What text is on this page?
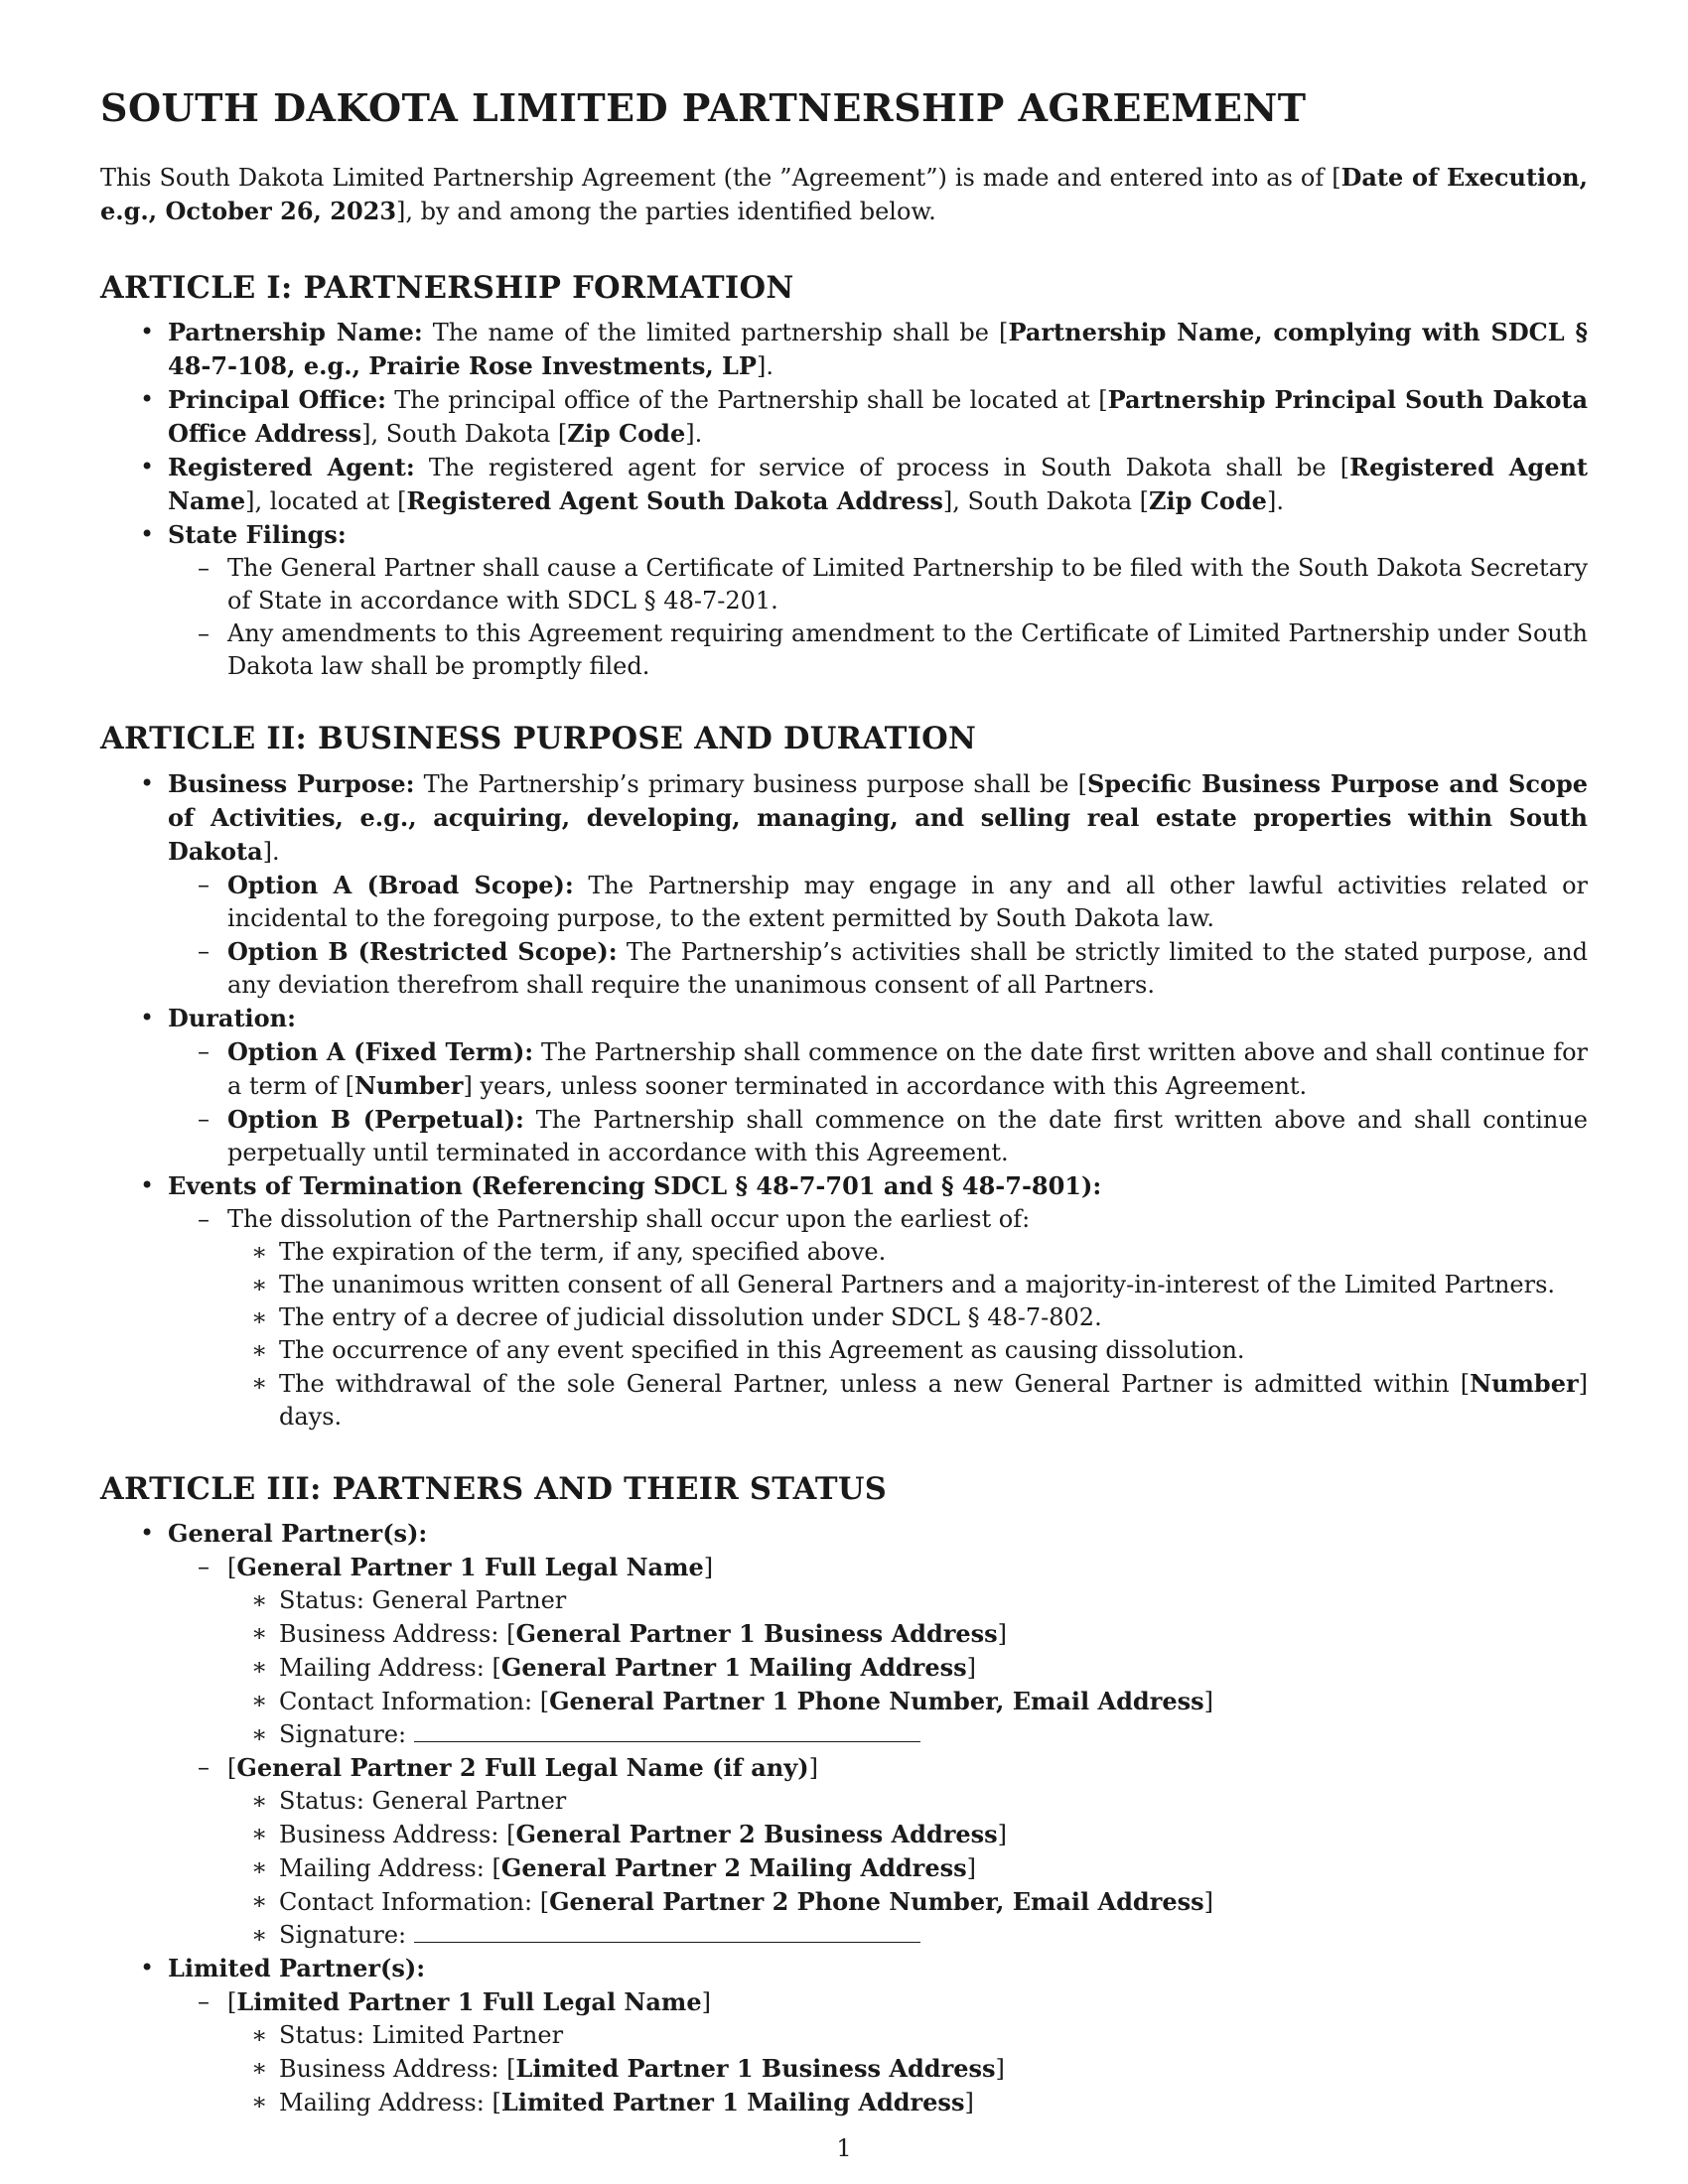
SOUTH DAKOTA LIMITED PARTNERSHIP AGREEMENT

This South Dakota Limited Partnership Agreement (the ”Agreement”) is made and entered into as of [Date of Execution, e.g., October 26, 2023], by and among the parties identified below.

ARTICLE I: PARTNERSHIP FORMATION
• Partnership Name: The name of the limited partnership shall be [Partnership Name, complying with SDCL § 48-7-108, e.g., Prairie Rose Investments, LP].
• Principal Office: The principal office of the Partnership shall be located at [Partnership Principal South Dakota Office Address], South Dakota [Zip Code].
• Registered Agent: The registered agent for service of process in South Dakota shall be [Registered Agent Name], located at [Registered Agent South Dakota Address], South Dakota [Zip Code].
• State Filings:
– The General Partner shall cause a Certificate of Limited Partnership to be filed with the South Dakota Secretary of State in accordance with SDCL § 48-7-201.
– Any amendments to this Agreement requiring amendment to the Certificate of Limited Partnership under South Dakota law shall be promptly filed.
ARTICLE II: BUSINESS PURPOSE AND DURATION
• Business Purpose: The Partnership’s primary business purpose shall be [Specific Business Purpose and Scope of Activities, e.g., acquiring, developing, managing, and selling real estate properties within South Dakota].
– Option A (Broad Scope): The Partnership may engage in any and all other lawful activities related or incidental to the foregoing purpose, to the extent permitted by South Dakota law.
– Option B (Restricted Scope): The Partnership’s activities shall be strictly limited to the stated purpose, and any deviation therefrom shall require the unanimous consent of all Partners.
• Duration:
– Option A (Fixed Term): The Partnership shall commence on the date first written above and shall continue for a term of [Number] years, unless sooner terminated in accordance with this Agreement.
– Option B (Perpetual): The Partnership shall commence on the date first written above and shall continue perpetually until terminated in accordance with this Agreement.
• Events of Termination (Referencing SDCL § 48-7-701 and § 48-7-801):
– The dissolution of the Partnership shall occur upon the earliest of:
∗ The expiration of the term, if any, specified above.
∗ The unanimous written consent of all General Partners and a majority-in-interest of the Limited Partners.
∗ The entry of a decree of judicial dissolution under SDCL § 48-7-802.
∗ The occurrence of any event specified in this Agreement as causing dissolution.
∗ The withdrawal of the sole General Partner, unless a new General Partner is admitted within [Number] days.
ARTICLE III: PARTNERS AND THEIR STATUS
• General Partner(s):
– [General Partner 1 Full Legal Name]
∗ Status: General Partner
∗ Business Address: [General Partner 1 Business Address]
∗ Mailing Address: [General Partner 1 Mailing Address]
∗ Contact Information: [General Partner 1 Phone Number, Email Address]
∗ Signature:
– [General Partner 2 Full Legal Name (if any)]
∗ Status: General Partner
∗ Business Address: [General Partner 2 Business Address]
∗ Mailing Address: [General Partner 2 Mailing Address]
∗ Contact Information: [General Partner 2 Phone Number, Email Address]
∗ Signature:
• Limited Partner(s):
– [Limited Partner 1 Full Legal Name]
∗ Status: Limited Partner
∗ Business Address: [Limited Partner 1 Business Address]
∗ Mailing Address: [Limited Partner 1 Mailing Address]
1
